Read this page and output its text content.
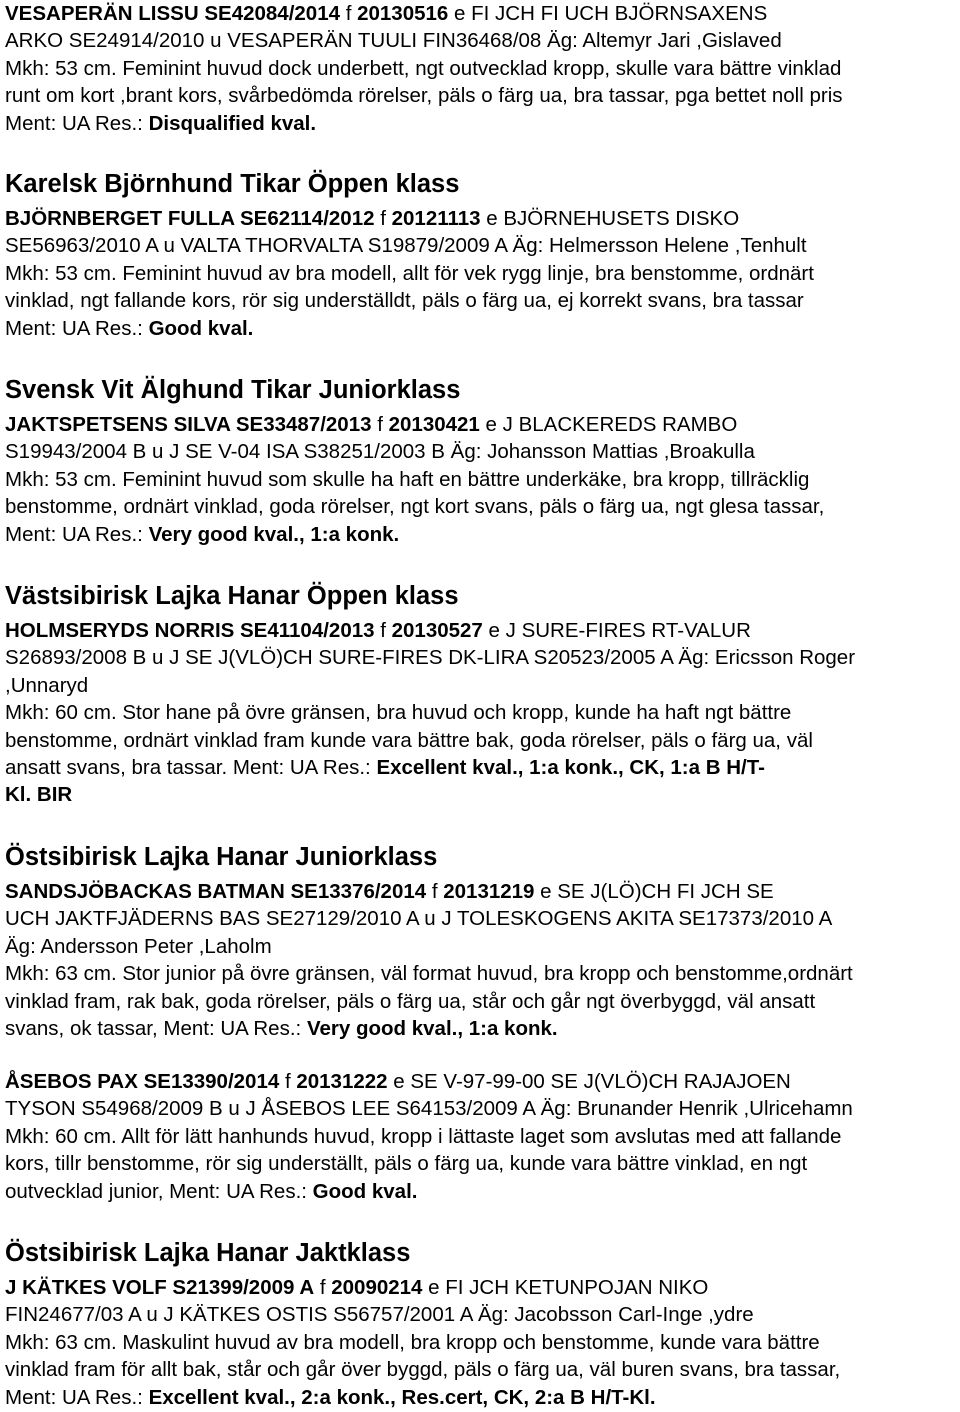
VESAPERÄN LISSU SE42084/2014 f 20130516 e FI JCH FI UCH BJÖRNSAXENS
ARKO SE24914/2010 u VESAPERÄN TUULI FIN36468/08 Äg: Altemyr Jari ,Gislaved
Mkh: 53 cm. Feminint huvud dock underbett, ngt outvecklad kropp, skulle vara bättre vinklad
runt om kort ,brant kors, svårbedömda rörelser, päls o färg ua, bra tassar, pga bettet noll pris
Ment: UA Res.: Disqualified kval.
Karelsk Björnhund Tikar Öppen klass
BJÖRNBERGET FULLA SE62114/2012 f 20121113 e BJÖRNEHUSETS DISKO
SE56963/2010 A u VALTA THORVALTA S19879/2009 A Äg: Helmersson Helene ,Tenhult
Mkh: 53 cm. Feminint huvud av bra modell, allt för vek rygg linje, bra benstomme, ordnärt
vinklad, ngt fallande kors, rör sig underställdt, päls o färg ua, ej korrekt svans, bra tassar
Ment: UA Res.: Good kval.
Svensk Vit Älghund Tikar Juniorklass
JAKTSPETSENS SILVA SE33487/2013 f 20130421 e J BLACKEREDS RAMBO
S19943/2004 B u J SE V-04 ISA S38251/2003 B Äg: Johansson Mattias ,Broakulla
Mkh: 53 cm. Feminint huvud som skulle ha haft en bättre underkäke, bra kropp, tillräcklig
benstomme, ordnärt vinklad, goda rörelser, ngt kort svans, päls o färg ua, ngt glesa tassar,
Ment: UA Res.: Very good kval., 1:a konk.
Västsibirisk Lajka Hanar Öppen klass
HOLMSERYDS NORRIS SE41104/2013 f 20130527 e J SURE-FIRES RT-VALUR
S26893/2008 B u J SE J(VLÖ)CH SURE-FIRES DK-LIRA S20523/2005 A Äg: Ericsson Roger
,Unnaryd
Mkh: 60 cm. Stor hane på övre gränsen, bra huvud och kropp, kunde ha haft ngt bättre
benstomme, ordnärt vinklad fram kunde vara bättre bak, goda rörelser, päls o färg ua, väl
ansatt svans, bra tassar. Ment: UA Res.: Excellent kval., 1:a konk., CK, 1:a B H/T-
Kl. BIR
Östsibirisk Lajka Hanar Juniorklass
SANDSJÖBACKAS BATMAN SE13376/2014 f 20131219 e SE J(LÖ)CH FI JCH SE
UCH JAKTFJÄDERNS BAS SE27129/2010 A u J TOLESKOGENS AKITA SE17373/2010 A
Äg: Andersson Peter ,Laholm
Mkh: 63 cm. Stor junior på övre gränsen, väl format huvud, bra kropp och benstomme,ordnärt
vinklad fram, rak bak, goda rörelser, päls o färg ua, står och går ngt överbyggd, väl ansatt
svans, ok tassar, Ment: UA Res.: Very good kval., 1:a konk.
ÅSEBOS PAX SE13390/2014 f 20131222 e SE V-97-99-00 SE J(VLÖ)CH RAJAJOEN
TYSON S54968/2009 B u J ÅSEBOS LEE S64153/2009 A Äg: Brunander Henrik ,Ulricehamn
Mkh: 60 cm. Allt för lätt hanhunds huvud, kropp i lättaste laget som avslutas med att fallande
kors, tillr benstomme, rör sig underställt, päls o färg ua, kunde vara bättre vinklad, en ngt
outvecklad junior, Ment: UA Res.: Good kval.
Östsibirisk Lajka Hanar Jaktklass
J KÄTKES VOLF S21399/2009 A f 20090214 e FI JCH KETUNPOJAN NIKO
FIN24677/03 A u J KÄTKES OSTIS S56757/2001 A Äg: Jacobsson Carl-Inge ,ydre
Mkh: 63 cm. Maskulint huvud av bra modell, bra kropp och benstomme, kunde vara bättre
vinklad fram för allt bak, står och går över byggd, päls o färg ua, väl buren svans, bra tassar,
Ment: UA Res.: Excellent kval., 2:a konk., Res.cert, CK, 2:a B H/T-Kl.
